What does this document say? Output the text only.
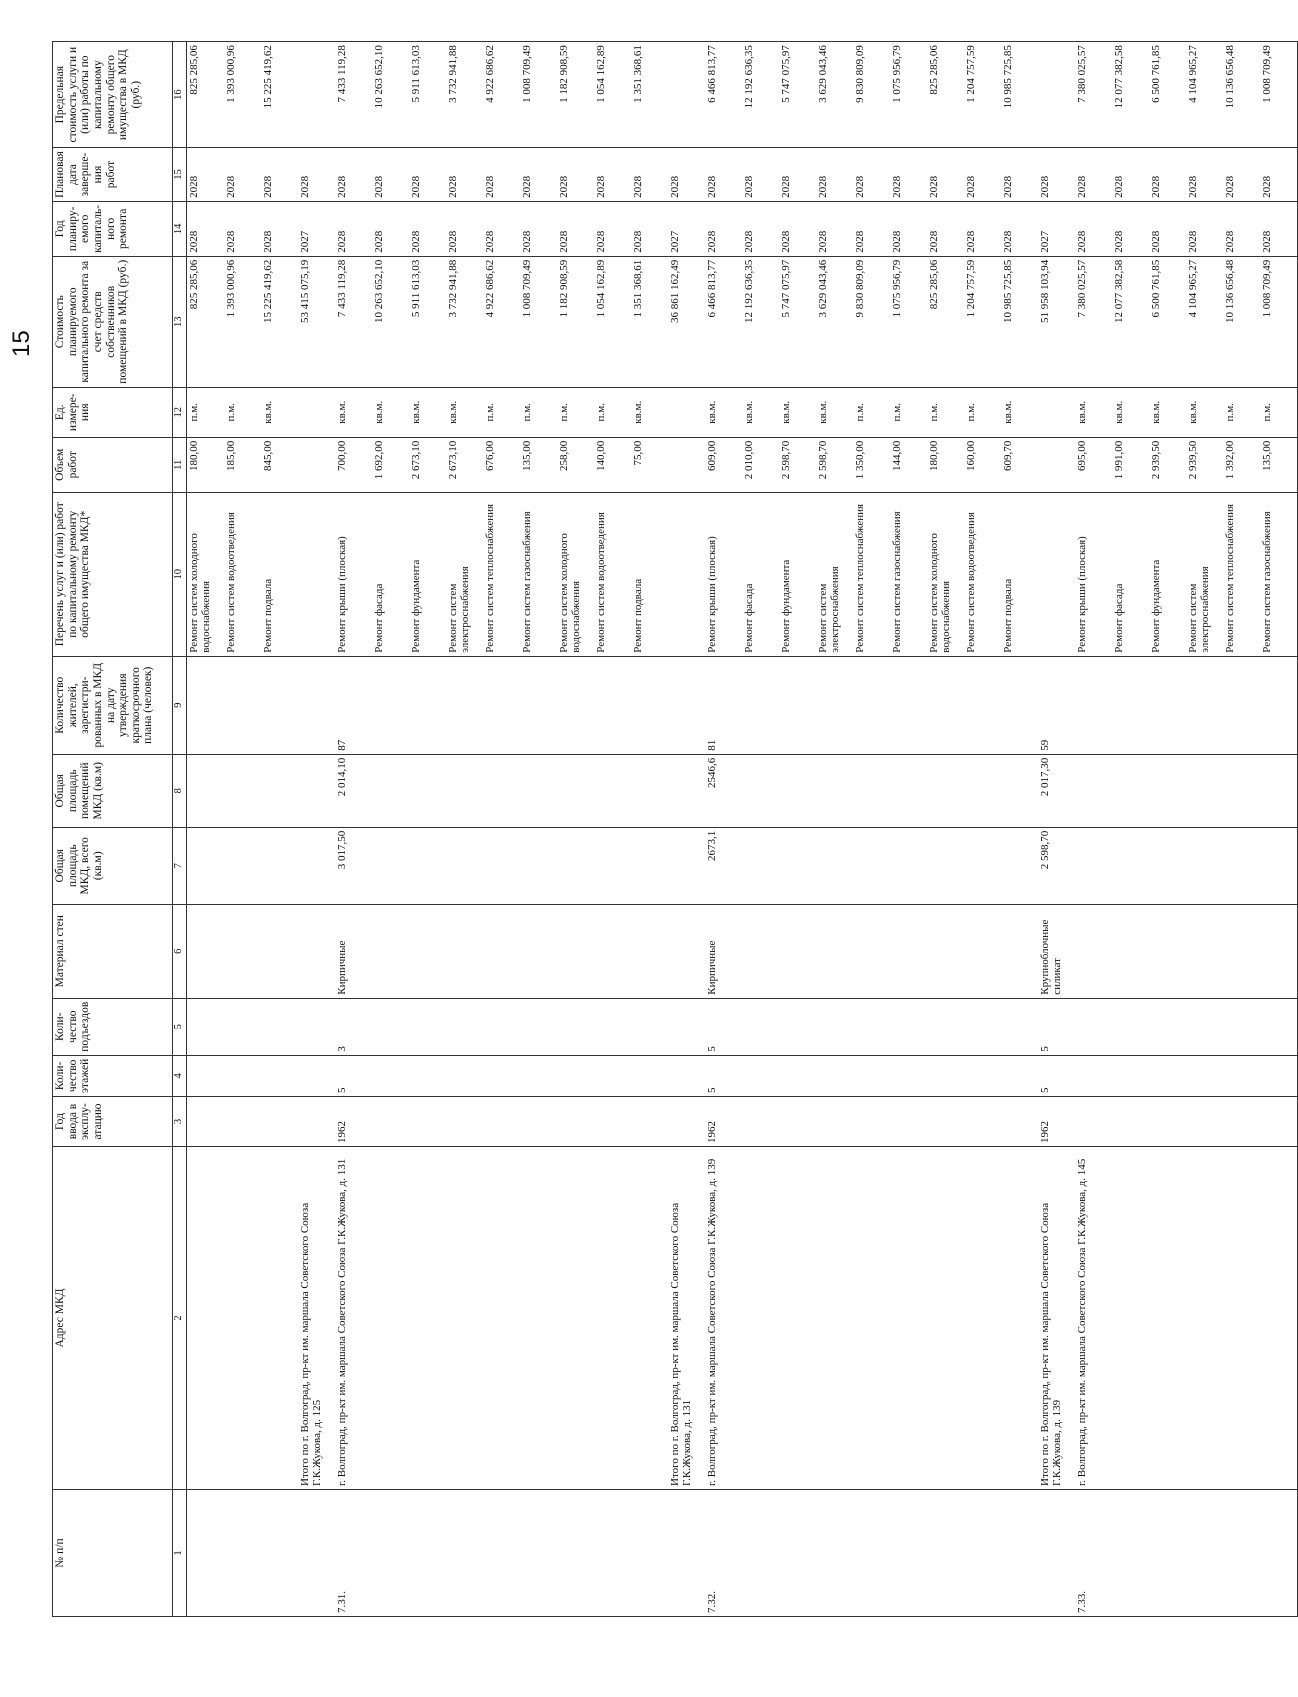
15
№ п/п	Адрес МКД	Год ввода в эксплу-атацию	Коли-чество этажей	Коли-чество подъездов	Материал стен	Общая площадь МКД, всего (кв.м)	Общая площадь помещений МКД (кв.м)	Количество жителей, зарегистри-рованных в МКД на дату утверждения краткосрочного плана (человек)	Перечень услуг и (или) работ по капитальному ремонту общего имущества МКД*	Объем работ	Ед. измере-ния	Стоимость планируемого капитального ремонта за счет средств собственников помещений в МКД (руб.)	Год планиру-емого капиталь-ного ремонта	Плановая дата заверше-ния работ	Предельная стоимость услуги и (или) работы по капитальному ремонту общего имущества в МКД (руб.)
1	2	3	4	5	6	7	8	9	10	11	12	13	14	15	16
									Ремонт систем холодного водоснабжения	180,00	п.м.	825 285,06	2028	2028	825 285,06
									Ремонт систем водоотведения	185,00	п.м.	1 393 000,96	2028	2028	1 393 000,96
									Ремонт подвала	845,00	кв.м.	15 225 419,62	2028	2028	15 225 419,62
	Итого по г. Волгоград, пр-кт им. маршала Советского Союза Г.К.Жукова, д. 125											53 415 075,19	2027	2028	
7.31.	г. Волгоград, пр-кт им. маршала Советского Союза Г.К.Жукова, д. 131	1962	5	3	Кирпичные	3 017,50	2 014,10	87	Ремонт крыши (плоская)	700,00	кв.м.	7 433 119,28	2028	2028	7 433 119,28
									Ремонт фасада	1 692,00	кв.м.	10 263 652,10	2028	2028	10 263 652,10
									Ремонт фундамента	2 673,10	кв.м.	5 911 613,03	2028	2028	5 911 613,03
									Ремонт систем электроснабжения	2 673,10	кв.м.	3 732 941,88	2028	2028	3 732 941,88
									Ремонт систем теплоснабжения	676,00	п.м.	4 922 686,62	2028	2028	4 922 686,62
									Ремонт систем газоснабжения	135,00	п.м.	1 008 709,49	2028	2028	1 008 709,49
									Ремонт систем холодного водоснабжения	258,00	п.м.	1 182 908,59	2028	2028	1 182 908,59
									Ремонт систем водоотведения	140,00	п.м.	1 054 162,89	2028	2028	1 054 162,89
									Ремонт подвала	75,00	кв.м.	1 351 368,61	2028	2028	1 351 368,61
	Итого по г. Волгоград, пр-кт им. маршала Советского Союза Г.К.Жукова, д. 131											36 861 162,49	2027	2028	
7.32.	г. Волгоград, пр-кт им. маршала Советского Союза Г.К.Жукова, д. 139	1962	5	5	Кирпичные	2673,1	2546,6	81	Ремонт крыши (плоская)	609,00	кв.м.	6 466 813,77	2028	2028	6 466 813,77
									Ремонт фасада	2 010,00	кв.м.	12 192 636,35	2028	2028	12 192 636,35
									Ремонт фундамента	2 598,70	кв.м.	5 747 075,97	2028	2028	5 747 075,97
									Ремонт систем электроснабжения	2 598,70	кв.м.	3 629 043,46	2028	2028	3 629 043,46
									Ремонт систем теплоснабжения	1 350,00	п.м.	9 830 809,09	2028	2028	9 830 809,09
									Ремонт систем газоснабжения	144,00	п.м.	1 075 956,79	2028	2028	1 075 956,79
									Ремонт систем холодного водоснабжения	180,00	п.м.	825 285,06	2028	2028	825 285,06
									Ремонт систем водоотведения	160,00	п.м.	1 204 757,59	2028	2028	1 204 757,59
									Ремонт подвала	609,70	кв.м.	10 985 725,85	2028	2028	10 985 725,85
	Итого по г. Волгоград, пр-кт им. маршала Советского Союза Г.К.Жукова, д. 139	1962	5	5	Крупноблочные силикат	2 598,70	2 017,30	59				51 958 103,94	2027	2028	
7.33.	г. Волгоград, пр-кт им. маршала Советского Союза Г.К.Жукова, д. 145								Ремонт крыши (плоская)	695,00	кв.м.	7 380 025,57	2028	2028	7 380 025,57
									Ремонт фасада	1 991,00	кв.м.	12 077 382,58	2028	2028	12 077 382,58
									Ремонт фундамента	2 939,50	кв.м.	6 500 761,85	2028	2028	6 500 761,85
									Ремонт систем электроснабжения	2 939,50	кв.м.	4 104 965,27	2028	2028	4 104 965,27
									Ремонт систем теплоснабжения	1 392,00	п.м.	10 136 656,48	2028	2028	10 136 656,48
									Ремонт систем газоснабжения	135,00	п.м.	1 008 709,49	2028	2028	1 008 709,49
